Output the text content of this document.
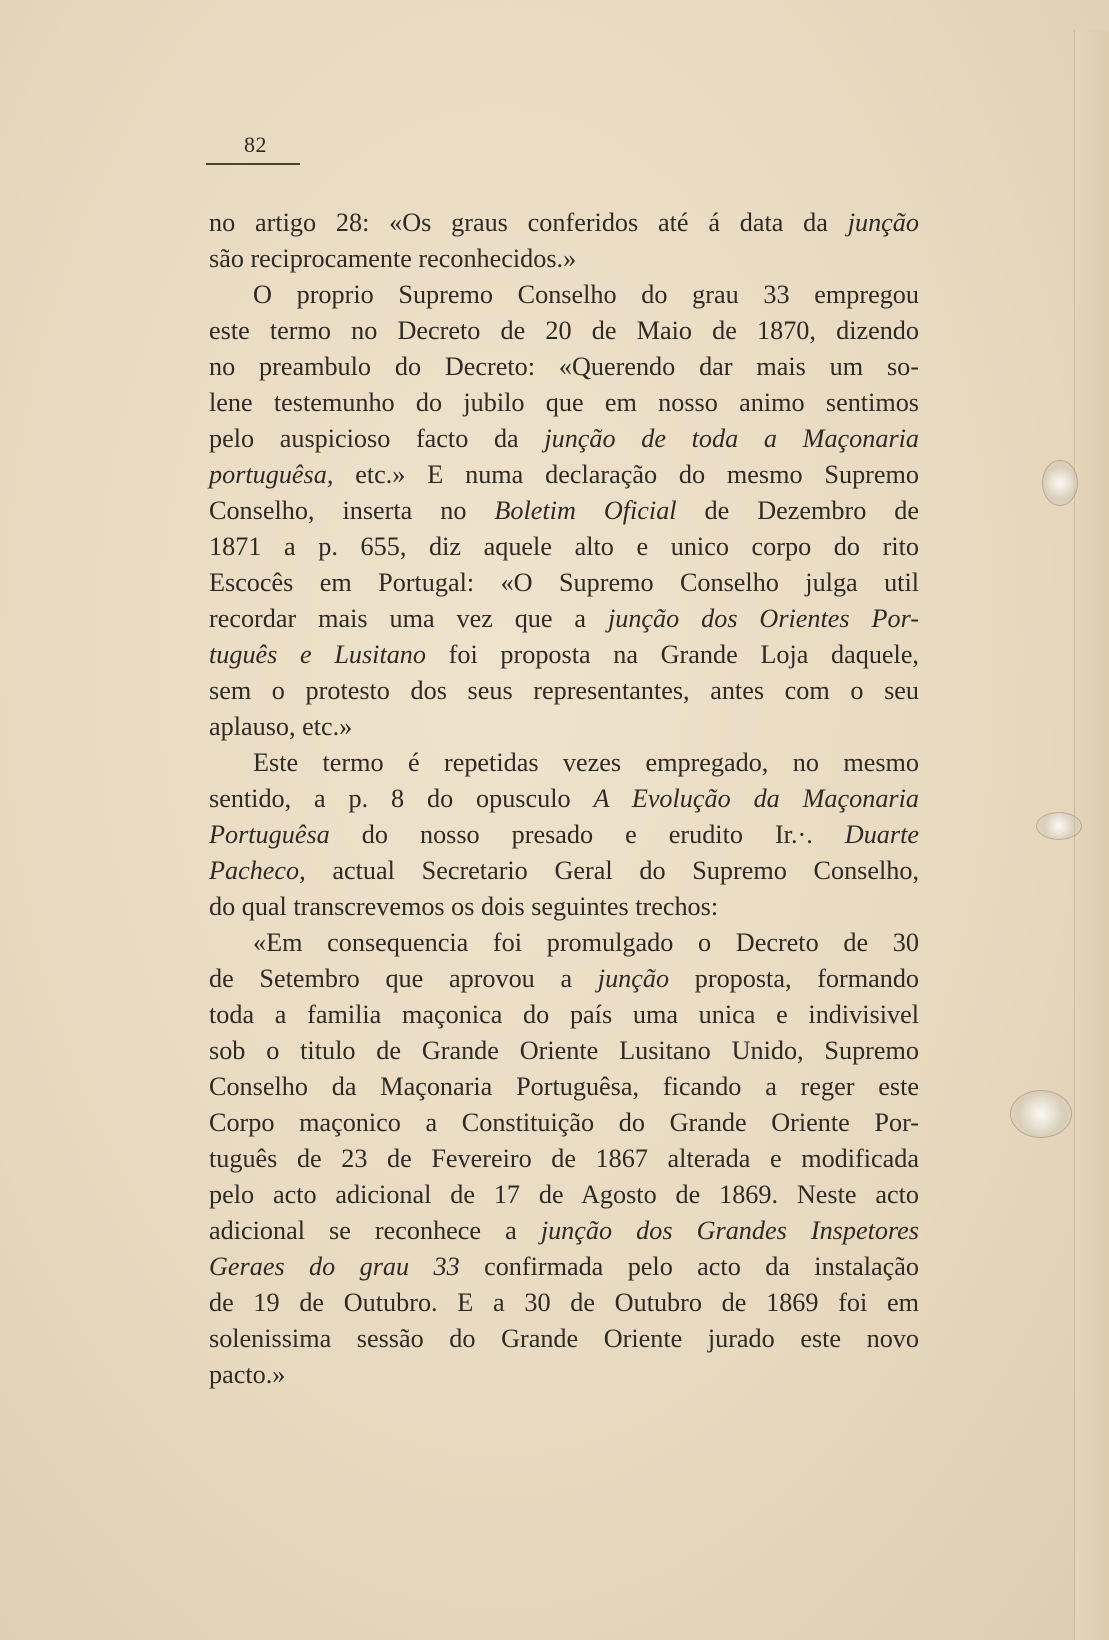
82
no artigo 28: «Os graus conferidos até á data da junção
são reciprocamente reconhecidos.»
O proprio Supremo Conselho do grau 33 empregou
este termo no Decreto de 20 de Maio de 1870, dizendo
no preambulo do Decreto: «Querendo dar mais um so-
lene testemunho do jubilo que em nosso animo sentimos
pelo auspicioso facto da junção de toda a Maçonaria
portuguêsa, etc.» E numa declaração do mesmo Supremo
Conselho, inserta no Boletim Oficial de Dezembro de
1871 a p. 655, diz aquele alto e unico corpo do rito
Escocês em Portugal: «O Supremo Conselho julga util
recordar mais uma vez que a junção dos Orientes Por-
tuguês e Lusitano foi proposta na Grande Loja daquele,
sem o protesto dos seus representantes, antes com o seu
aplauso, etc.»
Este termo é repetidas vezes empregado, no mesmo
sentido, a p. 8 do opusculo A Evolução da Maçonaria
Portuguêsa do nosso presado e erudito Ir.·. Duarte
Pacheco, actual Secretario Geral do Supremo Conselho,
do qual transcrevemos os dois seguintes trechos:
«Em consequencia foi promulgado o Decreto de 30
de Setembro que aprovou a junção proposta, formando
toda a familia maçonica do país uma unica e indivisivel
sob o titulo de Grande Oriente Lusitano Unido, Supremo
Conselho da Maçonaria Portuguêsa, ficando a reger este
Corpo maçonico a Constituição do Grande Oriente Por-
tuguês de 23 de Fevereiro de 1867 alterada e modificada
pelo acto adicional de 17 de Agosto de 1869. Neste acto
adicional se reconhece a junção dos Grandes Inspetores
Geraes do grau 33 confirmada pelo acto da instalação
de 19 de Outubro. E a 30 de Outubro de 1869 foi em
solenissima sessão do Grande Oriente jurado este novo
pacto.»
